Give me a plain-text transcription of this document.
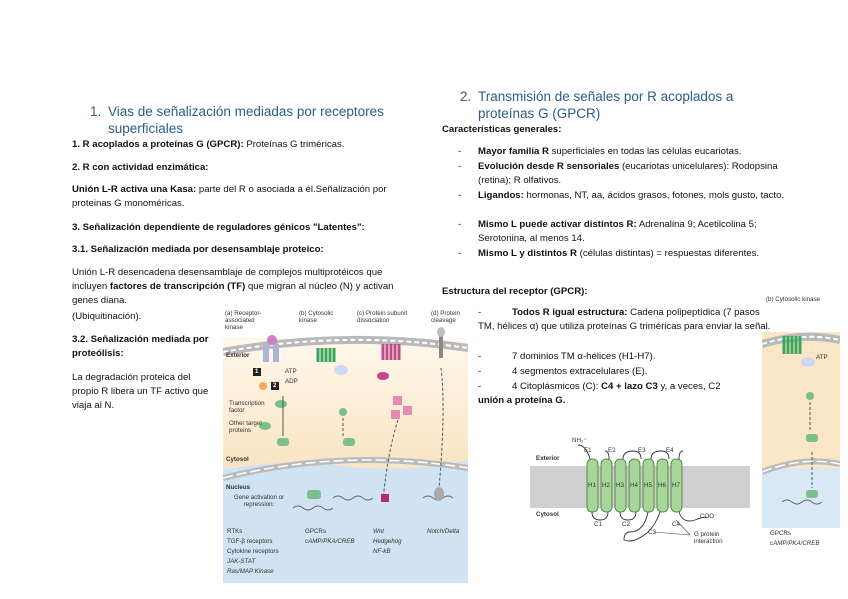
1. Vias de señalización mediadas por receptores superficiales
1. R acoplados a proteínas G (GPCR): Proteínas G triméricas.
2. R con actividad enzimática:
Unión L-R activa una Kasa: parte del R o asociada a él.Señalización por proteinas G monoméricas.
3. Señalización dependiente de reguladores génicos "Latentes":
3.1. Señalización mediada por desensamblaje proteico:
Unión L-R desencadena desensamblaje de complejos multiprotéicos que incluyen factores de transcripción (TF) que migran al núcleo (N) y activan genes diana.
(Ubiquitinación).
3.2. Señalización mediada por proteólisis:
La degradación proteica del propio R libera un TF activo que viaja al N.
2. Transmisión de señales por R acoplados a proteínas G (GPCR)
Características generales:
- Mayor familia R superficiales en todas las células eucariotas.
- Evolución desde R sensoriales (eucariotas unicelulares): Rodopsina (retina); R olfativos.
- Ligandos: hormonas, NT, aa, ácidos grasos, fotones, mols gusto, tacto.
- Mismo L puede activar distintos R: Adrenalina 9; Acetilcolina 5; Serotonina, al menos 14.
- Mismo L y distintos R (células distintas) = respuestas diferentes.
Estructura del receptor (GPCR):
-	Todos R igual estructura: Cadena polipeptídica (7 pasos TM, hélices α) que utiliza proteínas G triméricas para enviar la señal.
-	7 dominios TM α-hélices (H1-H7).
-	4 segmentos extracelulares (E).
-	4 Citoplásmicos (C): C4 + lazo C3 y, a veces, C2
unión a proteína G.
(a) Receptor-associated kinase
(b) Cytosolic kinase
(c) Protein subunit dissociation
(d) Protein cleavage
Exterior
Cytosol
Nucleus
Gene activation or repression:
Transcription factor
Other target proteins
1
2
ATP
ADP
RTKs
TGF-β receptors
Cytokine receptors
JAK-STAT
Ras/MAP Kinase
GPCRs
cAMP/PKA/CREB
Wnt
Hedgehog
NF-kB
Notch/Delta
Exterior
Cytosol
NH₃⁺
COO⁻
E1	E2	E3	E4
H1 H2 H3 H4 H5 H6 H7
C1	C2
C3
C4
G protein interaction
(b) Cytosolic kinase
ATP
GPCRs
cAMP/PKA/CREB
